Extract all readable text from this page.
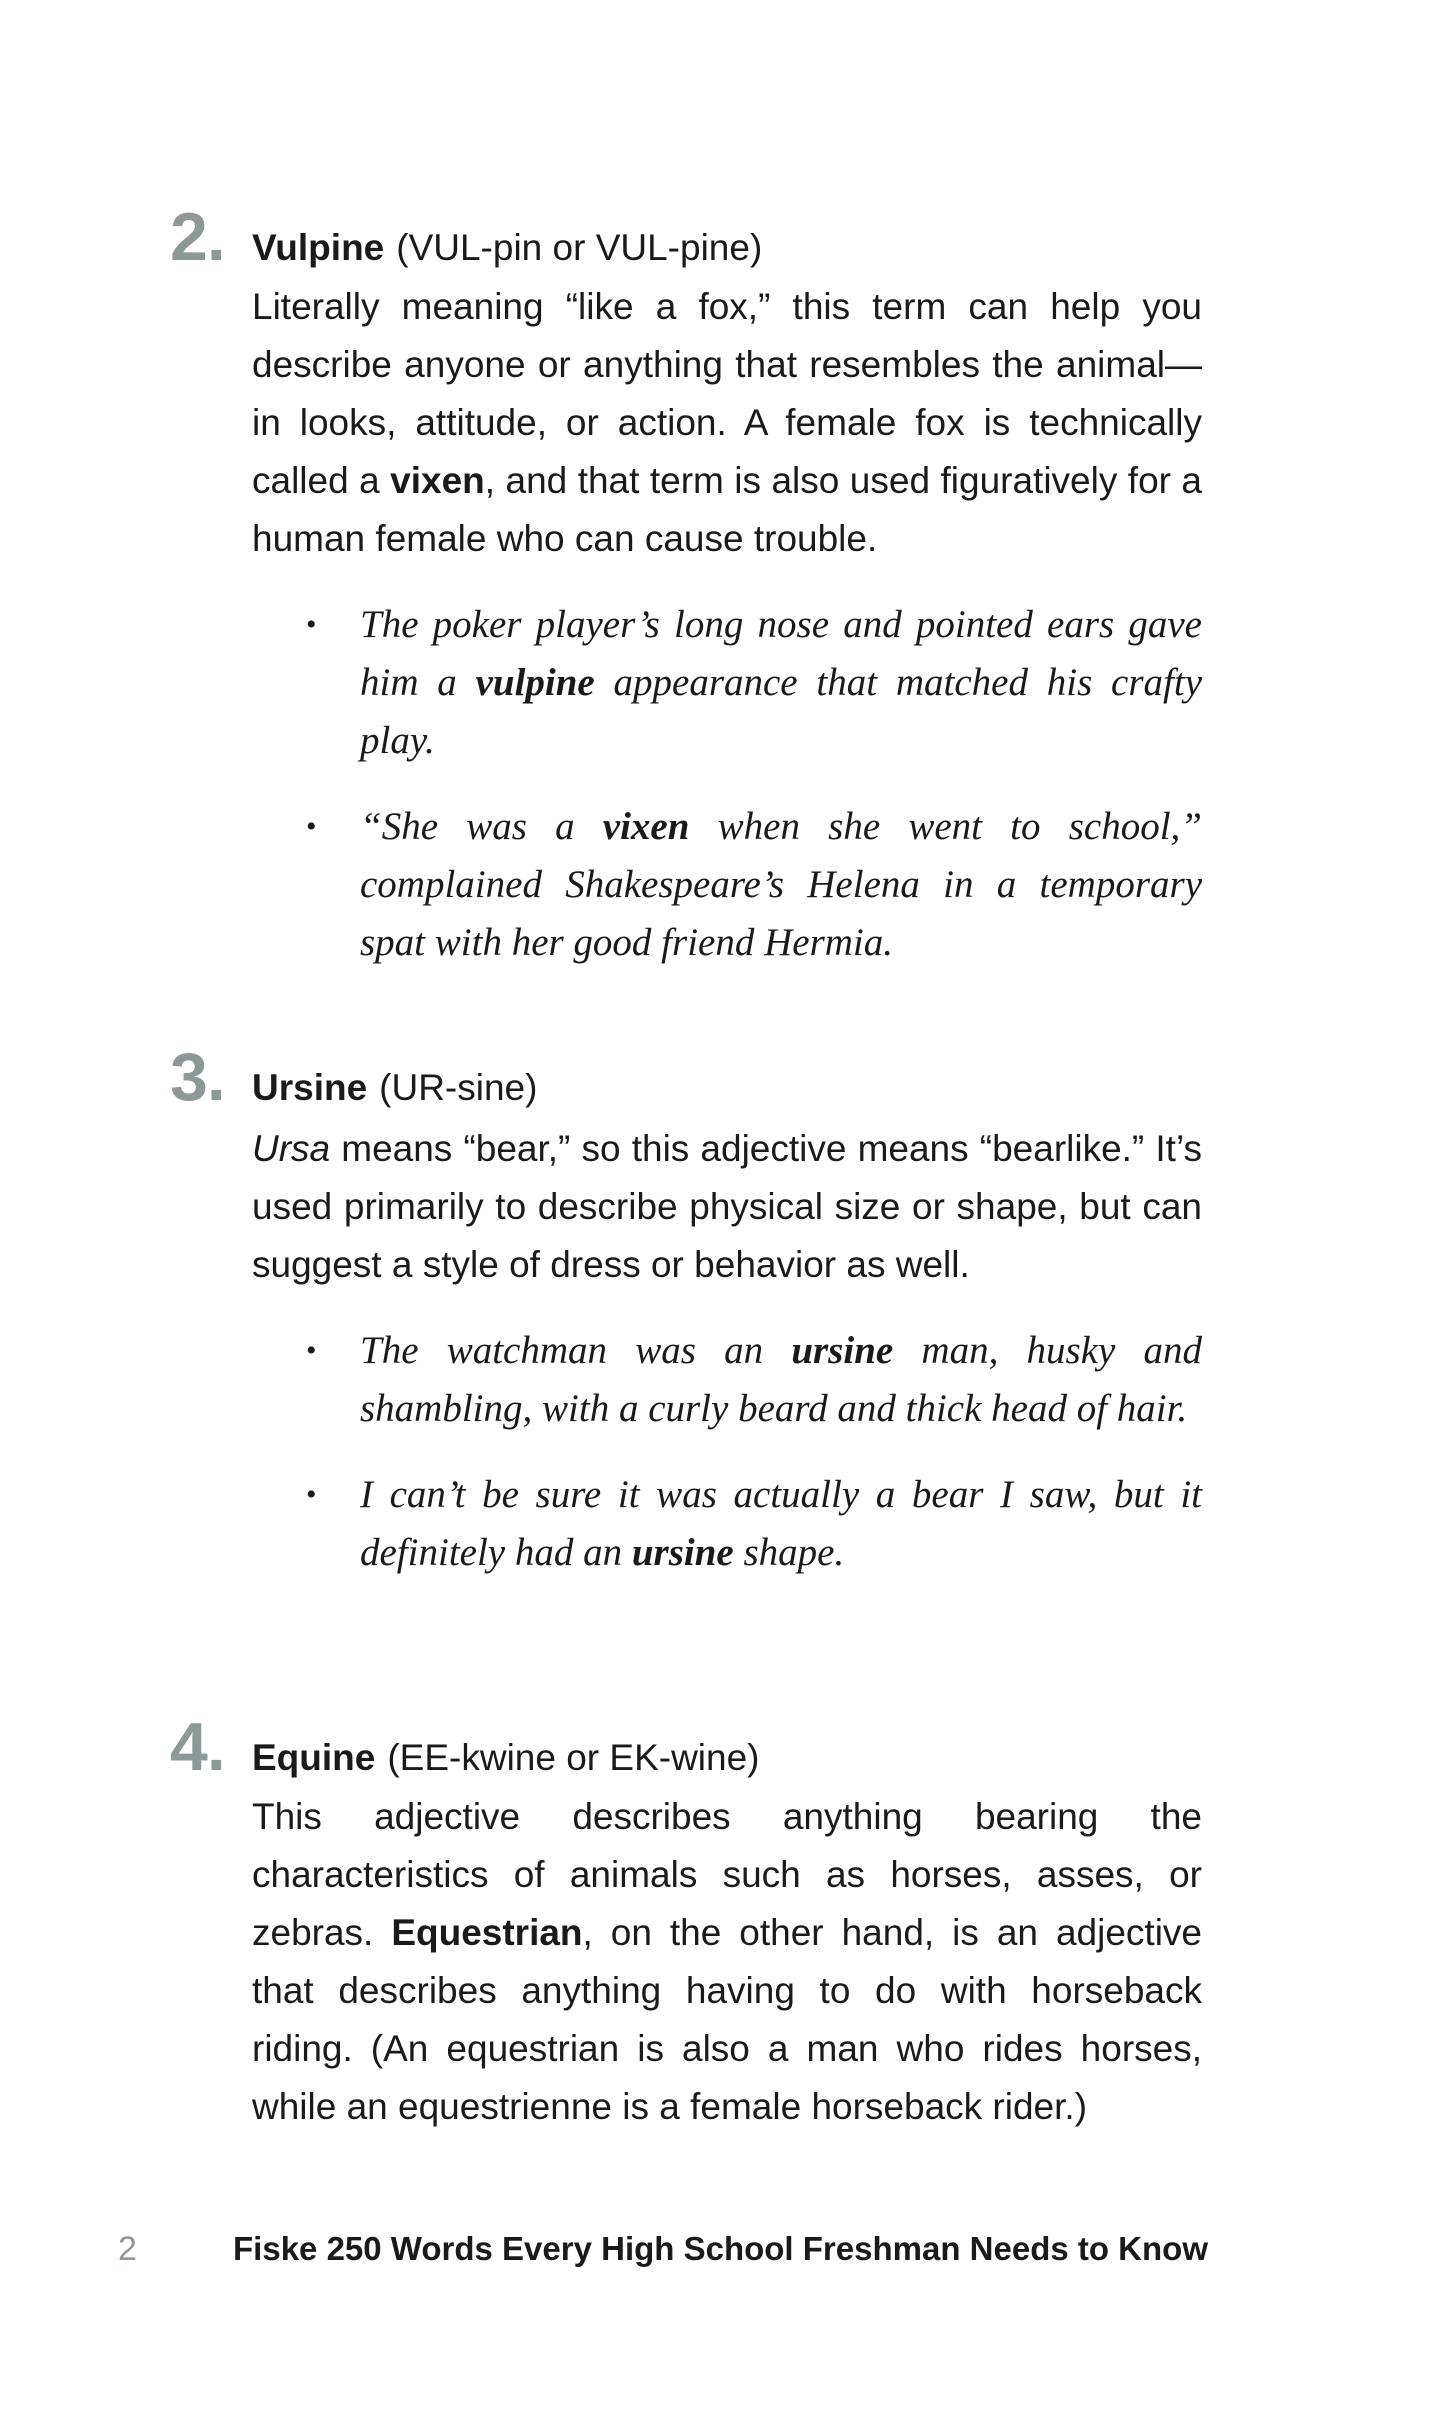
2. Vulpine (VUL-pin or VUL-pine)
Literally meaning “like a fox,” this term can help you describe anyone or anything that resembles the animal—in looks, attitude, or action. A female fox is technically called a vixen, and that term is also used figuratively for a human female who can cause trouble.
• The poker player’s long nose and pointed ears gave him a vulpine appearance that matched his crafty play.
• “She was a vixen when she went to school,” complained Shakespeare’s Helena in a temporary spat with her good friend Hermia.
3. Ursine (UR-sine)
Ursa means “bear,” so this adjective means “bearlike.” It’s used primarily to describe physical size or shape, but can suggest a style of dress or behavior as well.
• The watchman was an ursine man, husky and shambling, with a curly beard and thick head of hair.
• I can’t be sure it was actually a bear I saw, but it definitely had an ursine shape.
4. Equine (EE-kwine or EK-wine)
This adjective describes anything bearing the characteristics of animals such as horses, asses, or zebras. Equestrian, on the other hand, is an adjective that describes anything having to do with horseback riding. (An equestrian is also a man who rides horses, while an equestrienne is a female horseback rider.)
2	Fiske 250 Words Every High School Freshman Needs to Know
